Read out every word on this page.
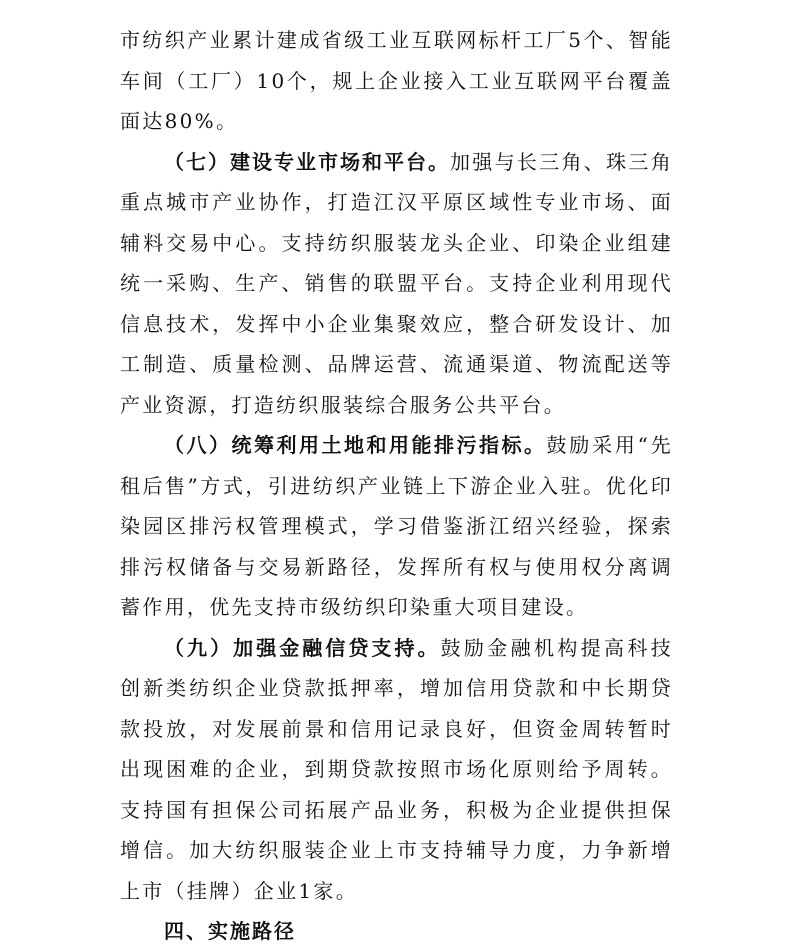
市纺织产业累计建成省级工业互联网标杆工厂5个、智能车间（工厂）10个，规上企业接入工业互联网平台覆盖面达80%。

（七）建设专业市场和平台。加强与长三角、珠三角重点城市产业协作，打造江汉平原区域性专业市场、面辅料交易中心。支持纺织服装龙头企业、印染企业组建统一采购、生产、销售的联盟平台。支持企业利用现代信息技术，发挥中小企业集聚效应，整合研发设计、加工制造、质量检测、品牌运营、流通渠道、物流配送等产业资源，打造纺织服装综合服务公共平台。

（八）统筹利用土地和用能排污指标。鼓励采用“先租后售”方式，引进纺织产业链上下游企业入驻。优化印染园区排污权管理模式，学习借鉴浙江绍兴经验，探索排污权储备与交易新路径，发挥所有权与使用权分离调蓄作用，优先支持市级纺织印染重大项目建设。

（九）加强金融信贷支持。鼓励金融机构提高科技创新类纺织企业贷款抵押率，增加信用贷款和中长期贷款投放，对发展前景和信用记录良好，但资金周转暂时出现困难的企业，到期贷款按照市场化原则给予周转。支持国有担保公司拓展产品业务，积极为企业提供担保增信。加大纺织服装企业上市支持辅导力度，力争新增上市（挂牌）企业1家。

四、实施路径
